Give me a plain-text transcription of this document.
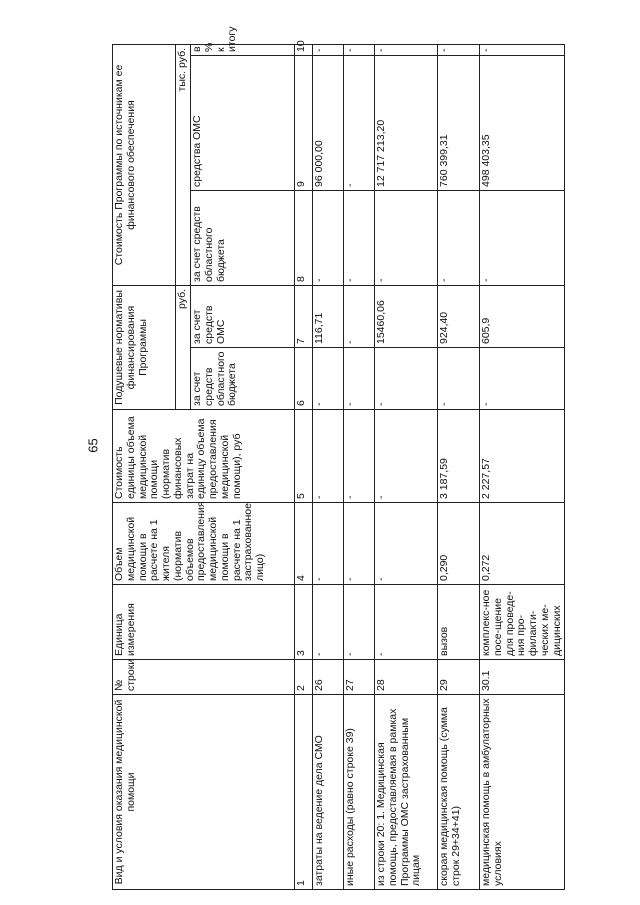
65
Вид и условия оказания медицинской помощи	№ строки	Единица измерения	Объем медицинской помощи в расчете на 1 жителя (норматив объемов предоставления медицинской помощи в расчете на 1 застрахованное лицо)	Стоимость единицы объема медицинской помощи (норматив финансовых затрат на единицу объема предоставления медицинской помощи), руб	Подушевые нормативы финансирования Программы		Стоимость Программы по источникам ее финансового обеспечения		
					руб.		тыс. руб.		
					за счет средств областного бюджета	за счет средств ОМС	за счет средств областного бюджета	средства ОМС	в % к итогу
1	2	3	4	5	6	7	8	9	10
затраты на ведение дела СМО	26	-	-	-	-	116,71	-	96 000,00	-
иные расходы (равно строке 39)	27	-	-	-	-	-	-	-	-
из строки 20: 1. Медицинская помощь, предоставляемая в рамках Программы ОМС застрахованным лицам	28	-	-	-	-	15460,06	-	12 717 213,20	-
скорая медицинская помощь (сумма строк 29+34+41)	29	вызов	0,290	3 187,59	-	924,40	-	760 399,31	-
медицинская помощь в амбулаторных условиях	30.1	комплекс-ное посе-щение для проведе-ния про-филакти-ческих ме-дицинских	0,272	2 227,57	-	605,9	-	498 403,35	-
